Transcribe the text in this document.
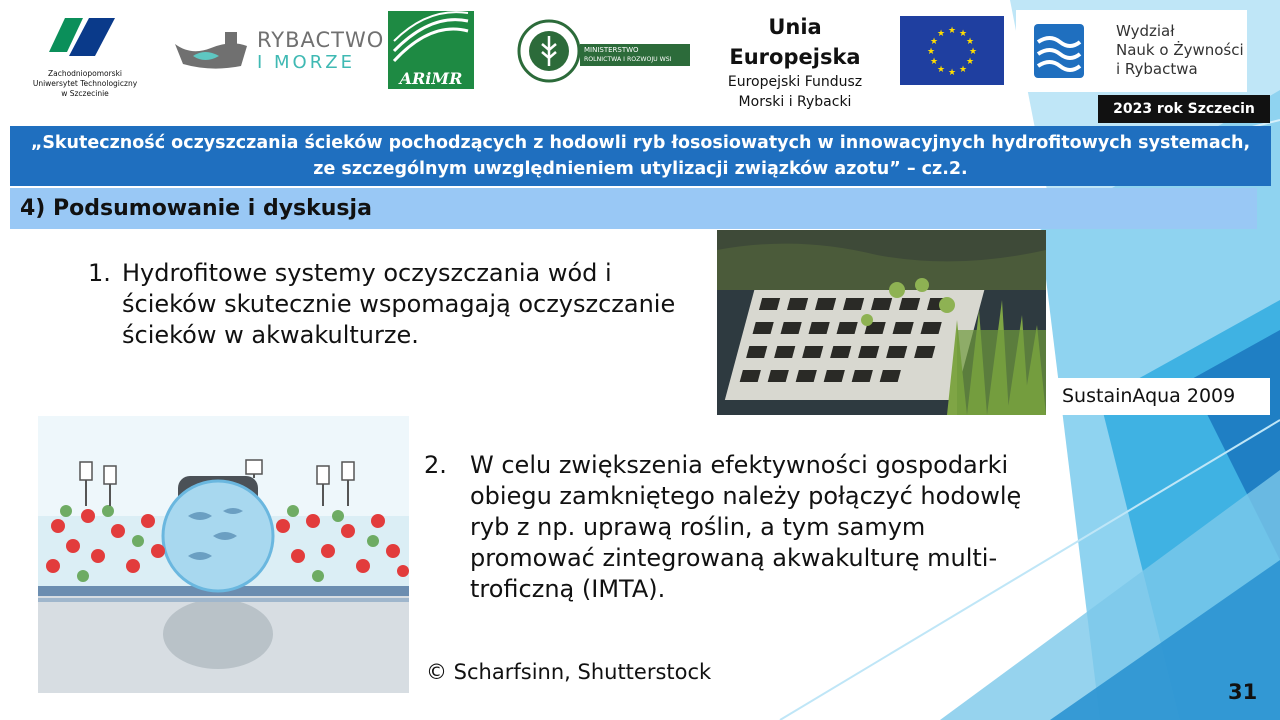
Zachodniopomorski
Uniwersytet Technologiczny
w Szczecinie
RYBACTWO
I MORZE
ARiMR
MINISTERSTWO
ROLNICTWA I ROZWOJU WSI
Unia Europejska
Europejski Fundusz
Morski i Rybacki
★ ★
★
★
★
★
★
★
★
★
★
★	Wydział
Nauk o Żywności
i Rybactwa
2023 rok Szczecin
„Skuteczność oczyszczania ścieków pochodzących z hodowli ryb łososiowatych w innowacyjnych hydrofitowych systemach,
ze szczególnym uwzględnieniem utylizacji związków azotu” – cz.2.
4) Podsumowanie i dyskusja
1. Hydrofitowe systemy oczyszczania wód i ścieków skutecznie wspomagają oczyszczanie ścieków w akwakulturze.
SustainAqua 2009
2. W celu zwiększenia efektywności gospodarki obiegu zamkniętego należy połączyć hodowlę ryb z np. uprawą roślin, a tym samym promować zintegrowaną akwakulturę multi-troficzną (IMTA).
© Scharfsinn, Shutterstock
31
